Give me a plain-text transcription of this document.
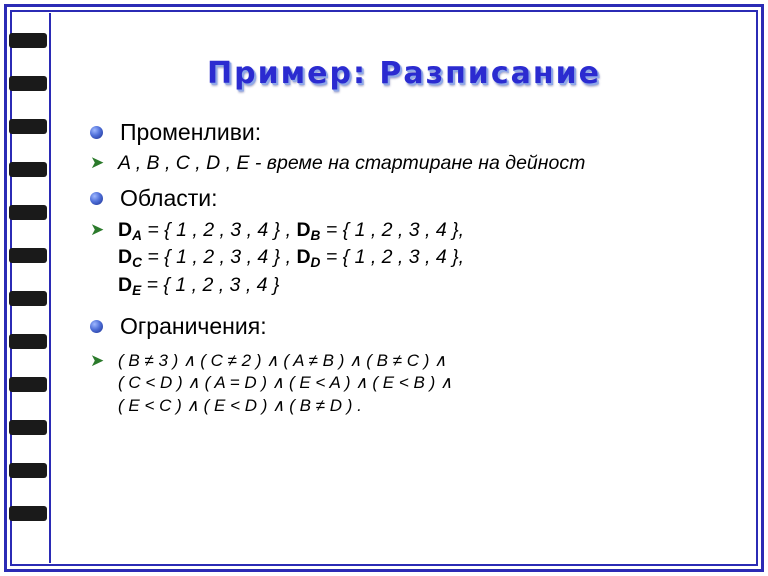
Пример: Разписание
Променливи:
➤ A , B , C , D , E - време на стартиране на дейност
Области:
➤ $D_A$ = { 1 , 2 , 3 , 4 } , $D_B$ = { 1 , 2 , 3 , 4 },
$D_C$ = { 1 , 2 , 3 , 4 } , $D_D$ = { 1 , 2 , 3 , 4 },
$D_E$ = { 1 , 2 , 3 , 4 }
Ограничения:
➤ ( B ≠ 3 ) ∧ ( C ≠ 2 ) ∧ ( A ≠ B ) ∧ ( B ≠ C ) ∧
( C < D ) ∧ ( A = D ) ∧ ( E < A ) ∧ ( E < B ) ∧
( E < C ) ∧ ( E < D ) ∧ ( B ≠ D ) .
